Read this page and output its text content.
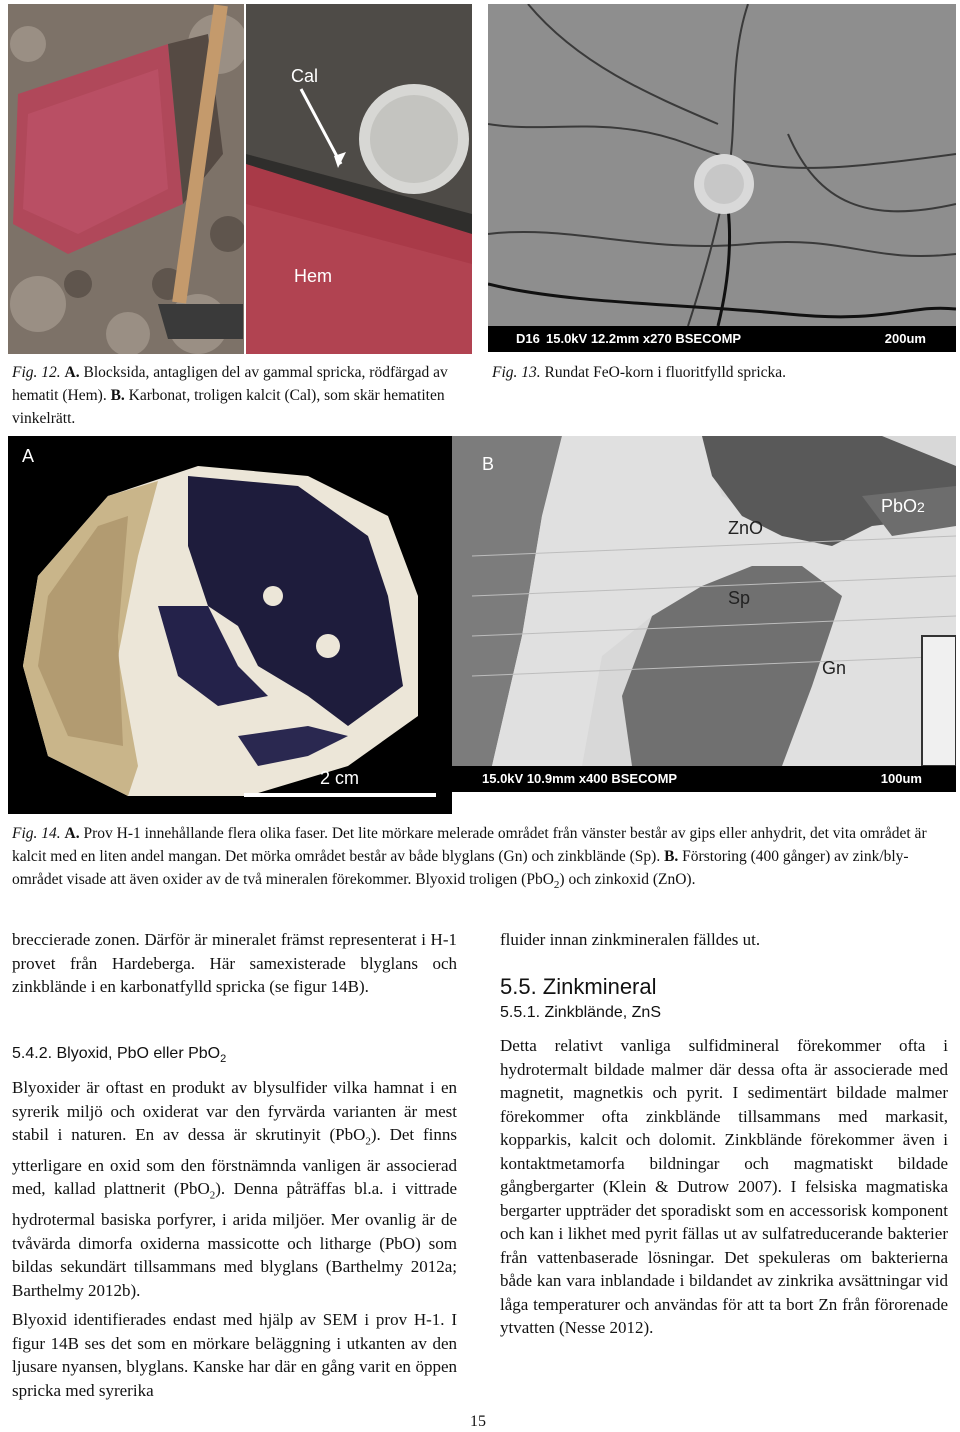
Cal
Hem
D16 15.0kV 12.2mm x270 BSECOMP	200um
Fig. 12. A. Blocksida, antagligen del av gammal spricka, rödfärgad av hematit (Hem). B. Karbonat, troligen kalcit (Cal), som skär hematiten vinkelrätt.
Fig. 13. Rundat FeO-korn i fluoritfylld spricka.
A
2 cm
B
ZnO
PbO2
Sp
Gn
15.0kV 10.9mm x400 BSECOMP	100um
Fig. 14. A. Prov H-1 innehållande flera olika faser. Det lite mörkare melerade området från vänster består av gips eller anhydrit, det vita området är kalcit med en liten andel mangan. Det mörka området består av både blyglans (Gn) och zinkblände (Sp). B. Förstoring (400 gånger) av zink/bly-området visade att även oxider av de två mineralen förekommer. Blyoxid troligen (PbO$_2$) och zinkoxid (ZnO).
breccierade zonen. Därför är mineralet främst representerat i H-1 provet från Hardeberga. Här samexisterade blyglans och zinkblände i en karbonatfylld spricka (se figur 14B).
5.4.2. Blyoxid, PbO eller PbO$_2$
Blyoxider är oftast en produkt av blysulfider vilka hamnat i en syrerik miljö och oxiderat var den fyrvärda varianten är mest stabil i naturen. En av dessa är skrutinyit (PbO$_2$). Det finns ytterligare en oxid som den förstnämnda vanligen är associerad med, kallad plattnerit (PbO$_2$). Denna påträffas bl.a. i vittrade hydrotermal basiska porfyrer, i arida miljöer. Mer ovanlig är de tvåvärda dimorfa oxiderna massicotte och litharge (PbO) som bildas sekundärt tillsammans med blyglans (Barthelmy 2012a; Barthelmy 2012b).
Blyoxid identifierades endast med hjälp av SEM i prov H-1. I figur 14B ses det som en mörkare beläggning i utkanten av den ljusare nyansen, blyglans. Kanske har där en gång varit en öppen spricka med syrerika
fluider innan zinkmineralen fälldes ut.
5.5. Zinkmineral
5.5.1. Zinkblände, ZnS
Detta relativt vanliga sulfidmineral förekommer ofta i hydrotermalt bildade malmer där dessa ofta är associerade med magnetit, magnetkis och pyrit. I sedimentärt bildade malmer förekommer ofta zinkblände tillsammans med markasit, kopparkis, kalcit och dolomit. Zinkblände förekommer även i kontaktmetamorfa bildningar och magmatiskt bildade gångbergarter (Klein & Dutrow 2007). I felsiska magmatiska bergarter uppträder det sporadiskt som en accessorisk komponent och kan i likhet med pyrit fällas ut av sulfatreducerande bakterier från vattenbaserade lösningar. Det spekuleras om bakterierna både kan vara inblandade i bildandet av zinkrika avsättningar vid låga temperaturer och användas för att ta bort Zn från förorenade ytvatten (Nesse 2012).
15
